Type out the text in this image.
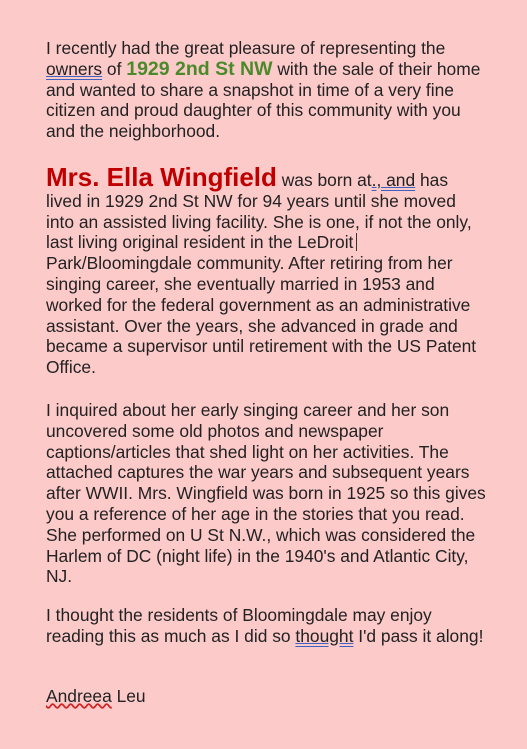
I recently had the great pleasure of representing the owners of 1929 2nd St NW with the sale of their home and wanted to share a snapshot in time of a very fine citizen and proud daughter of this community with you and the neighborhood.
Mrs. Ella Wingfield was born at., and has lived in 1929 2nd St NW for 94 years until she moved into an assisted living facility. She is one, if not the only, last living original resident in the LeDroit Park/Bloomingdale community. After retiring from her singing career, she eventually married in 1953 and worked for the federal government as an administrative assistant. Over the years, she advanced in grade and became a supervisor until retirement with the US Patent Office.
I inquired about her early singing career and her son uncovered some old photos and newspaper captions/articles that shed light on her activities. The attached captures the war years and subsequent years after WWII. Mrs. Wingfield was born in 1925 so this gives you a reference of her age in the stories that you read. She performed on U St N.W., which was considered the Harlem of DC (night life) in the 1940's and Atlantic City, NJ.
I thought the residents of Bloomingdale may enjoy reading this as much as I did so thought I'd pass it along!
Andreea Leu
